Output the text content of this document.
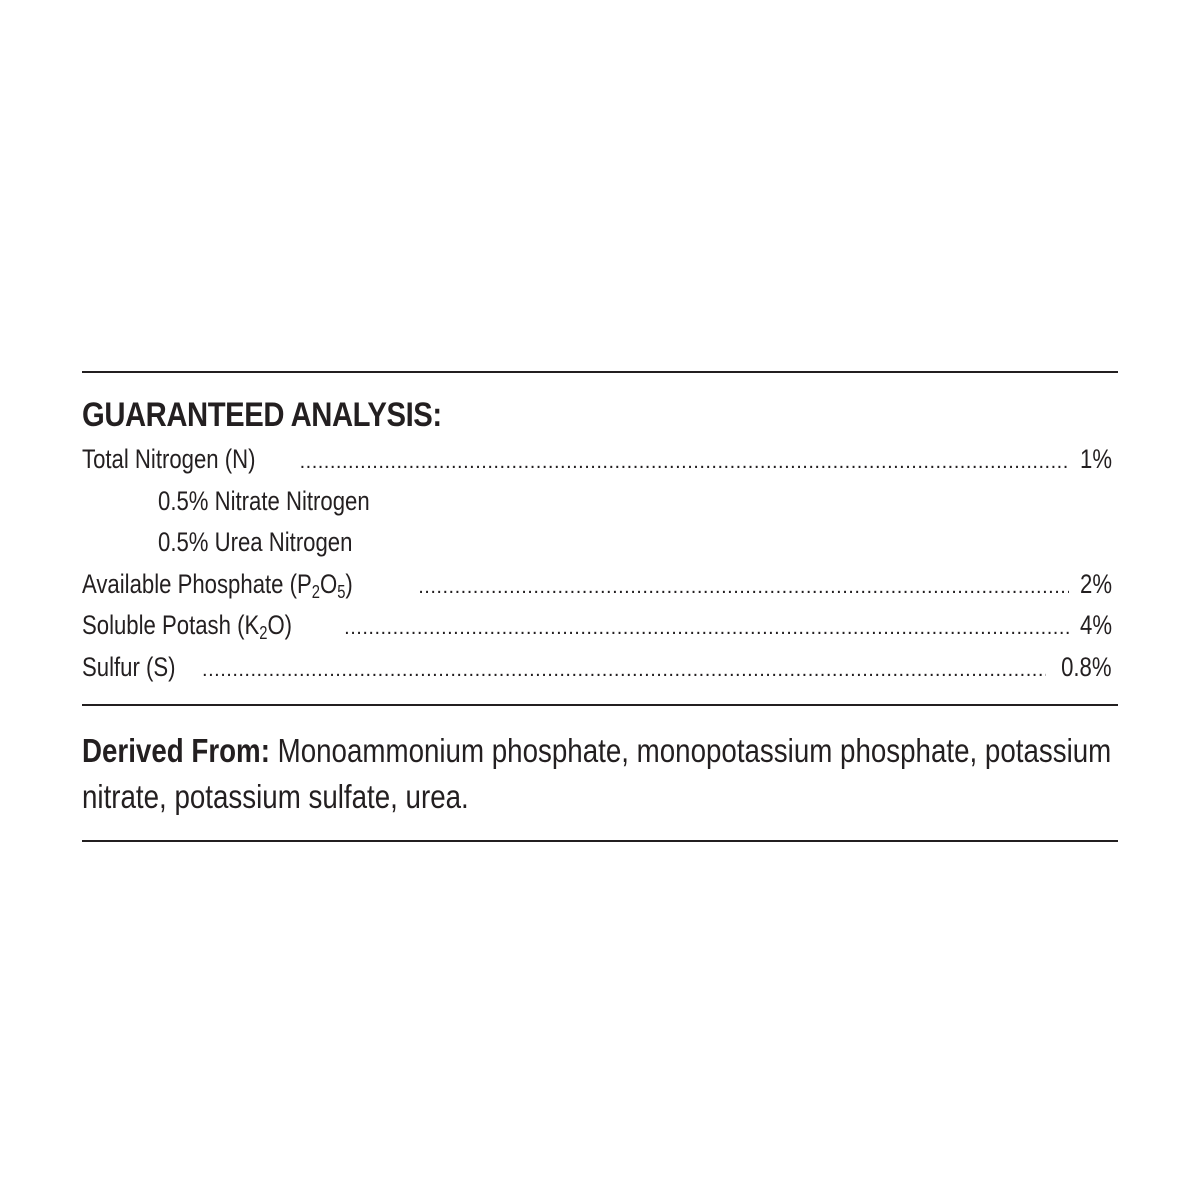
GUARANTEED ANALYSIS:
Total Nitrogen (N) .....	1%
0.5% Nitrate Nitrogen
0.5% Urea Nitrogen
Available Phosphate $(P_2O_5)$ .....	2%
Soluble Potash $(K_2O)$ .....	4%
Sulfur (S) .....	0.8%
Derived From: Monoammonium phosphate, monopotassium phosphate, potassium nitrate, potassium sulfate, urea.
